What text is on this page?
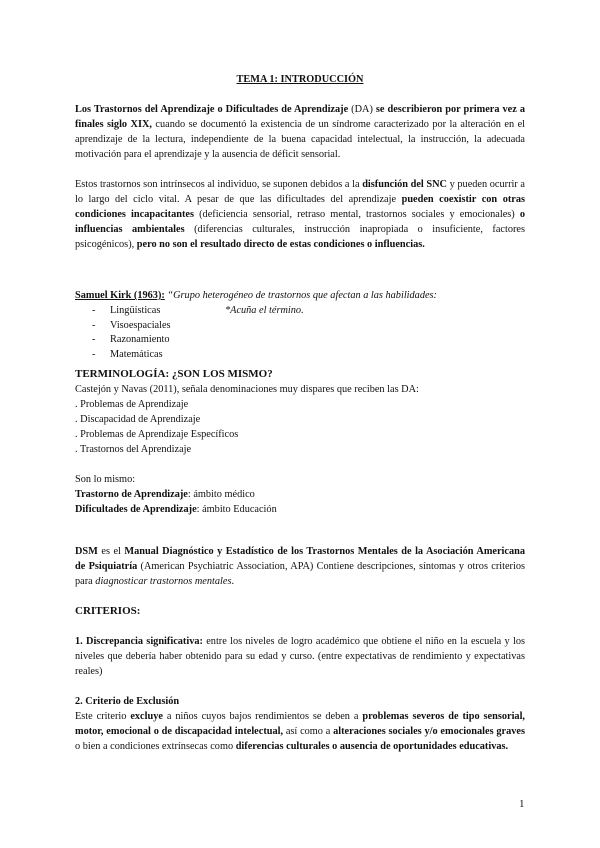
TEMA 1: INTRODUCCIÓN

Los Trastornos del Aprendizaje o Dificultades de Aprendizaje (DA) se describieron por primera vez a finales siglo XIX, cuando se documentó la existencia de un síndrome caracterizado por la alteración en el aprendizaje de la lectura, independiente de la buena capacidad intelectual, la instrucción, la adecuada motivación para el aprendizaje y la ausencia de déficit sensorial.

Estos trastornos son intrínsecos al individuo, se suponen debidos a la disfunción del SNC y pueden ocurrir a lo largo del ciclo vital. A pesar de que las dificultades del aprendizaje pueden coexistir con otras condiciones incapacitantes (deficiencia sensorial, retraso mental, trastornos sociales y emocionales) o influencias ambientales (diferencias culturales, instrucción inapropiada o insuficiente, factores psicogénicos), pero no son el resultado directo de estas condiciones o influencias.

Samuel Kirk (1963): “Grupo heterogéneo de trastornos que afectan a las habilidades:

- Lingüísticas	*Acuña el término.
- Visoespaciales
- Razonamiento
- Matemáticas

TERMINOLOGÍA: ¿SON LOS MISMO?

Castejón y Navas (2011), señala denominaciones muy dispares que reciben las DA:

. Problemas de Aprendizaje

. Discapacidad de Aprendizaje

. Problemas de Aprendizaje Específicos

. Trastornos del Aprendizaje

Son lo mismo:

Trastorno de Aprendizaje: ámbito médico

Dificultades de Aprendizaje: ámbito Educación

DSM es el Manual Diagnóstico y Estadístico de los Trastornos Mentales de la Asociación Americana de Psiquiatría (American Psychiatric Association, APA) Contiene descripciones, síntomas y otros criterios para diagnosticar trastornos mentales.

CRITERIOS:

1. Discrepancia significativa: entre los niveles de logro académico que obtiene el niño en la escuela y los niveles que debería haber obtenido para su edad y curso. (entre expectativas de rendimiento y expectativas reales)

2. Criterio de Exclusión

Este criterio excluye a niños cuyos bajos rendimientos se deben a problemas severos de tipo sensorial, motor, emocional o de discapacidad intelectual, así como a alteraciones sociales y/o emocionales graves o bien a condiciones extrínsecas como diferencias culturales o ausencia de oportunidades educativas.

1
